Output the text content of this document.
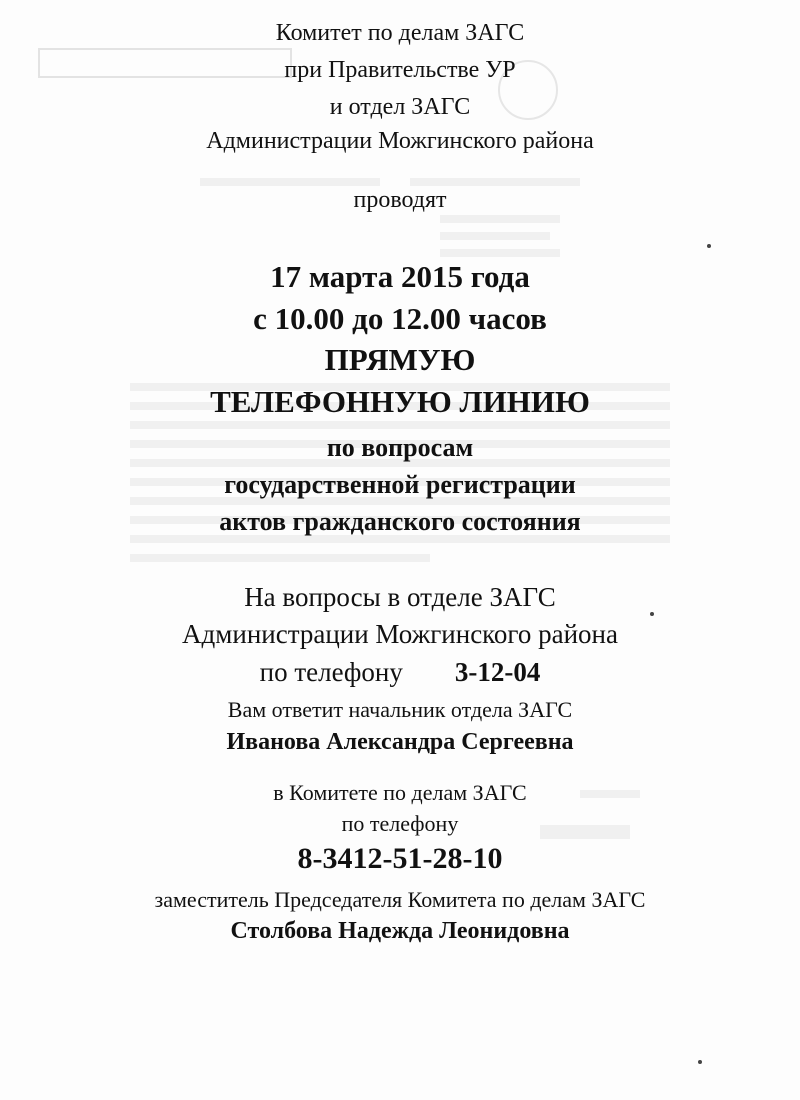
Комитет по делам ЗАГС
при Правительстве УР
и отдел ЗАГС
Администрации Можгинского района
проводят
17 марта 2015 года
с 10.00 до 12.00 часов
ПРЯМУЮ
ТЕЛЕФОННУЮ ЛИНИЮ
по вопросам
государственной регистрации
актов гражданского состояния
На вопросы в отделе ЗАГС
Администрации Можгинского района
по телефону 3-12-04
Вам ответит начальник отдела ЗАГС
Иванова Александра Сергеевна
в Комитете по делам ЗАГС
по телефону
8-3412-51-28-10
заместитель Председателя Комитета по делам ЗАГС
Столбова Надежда Леонидовна
